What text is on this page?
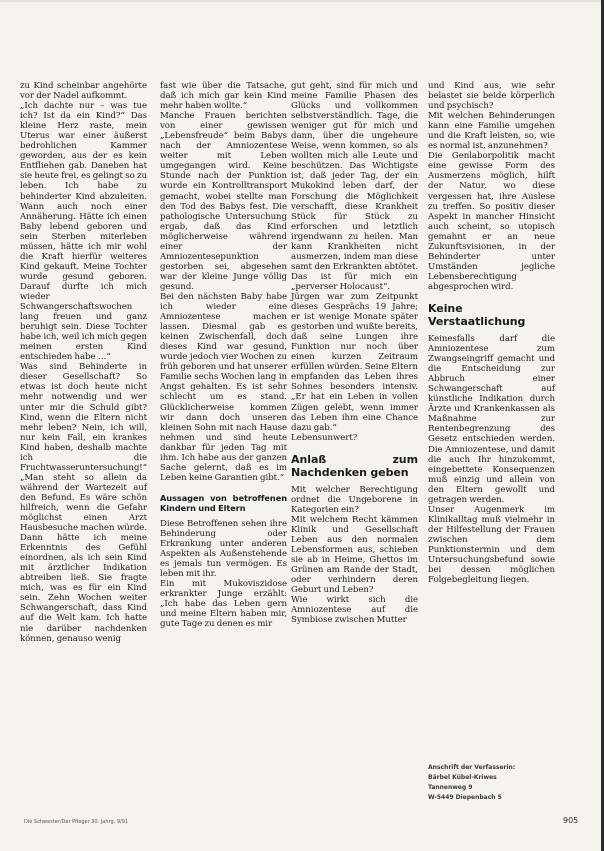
zu Kind scheinbar angehörte vor der Nadel aufkommt.

„Ich dachte nur – was tue ich? Ist da ein Kind?“ Das kleine Herz raste, mein Uterus war einer äußerst bedrohlichen Kammer geworden, aus der es kein Entfliehen gab. Daneben hat sie heute frei, es gelingt so zu leben. Ich habe zu behinderter Kind abzuleiten. Wann auch noch einer Annäherung. Hätte ich einen Baby lebend geboren und sein Sterben miterleben müssen, hätte ich mir wohl die Kraft hierfür weiteres Kind gekauft. Meine Tochter wurde gesund geboren. Darauf durfte ich mich wieder Schwangerschaftswochen lang freuen und ganz beruhigt sein. Diese Tochter habe ich, weil ich mich gegen meinen ersten Kind entschieden habe …“

Was sind Behinderte in dieser Gesellschaft? So etwas ist doch heute nicht mehr notwendig und wer unter mir die Schuld gibt? Kind, wenn die Eltern nicht mehr leben? Nein, ich will, nur kein Fall, ein krankes Kind haben, deshalb machte ich die Fruchtwasseruntersuchung!“

„Man steht so allein da während der Wartezeit auf den Befund. Es wäre schön hilfreich, wenn die Gefahr möglichst einen Arzt Hausbesuche machen würde. Dann hätte ich meine Erkenntnis des Gefühl einordnen, als ich sein Kind mit ärztlicher Indikation abtreiben ließ. Sie fragte mich, was es für ein Kind sein. Zehn Wochen weiter Schwangerschaft, dass Kind auf die Welt kam. Ich hatte nie darüber nachdenken können, genauso wenig

fast wie über die Tatsache, daß ich mich gar kein Kind mehr haben wollte.“

Manche Frauen berichten von einer gewissen „Lebensfreude“ beim Babys nach der Amniozentese weiter mit Leben umgegangen wird. Keine Stunde nach der Punktion wurde ein Kontrolltransport gemacht, wobei stellte man den Tod des Babys fest. Die pathologische Untersuchung ergab, daß das Kind möglicherweise während einer der Amniozentesepunktion gestorben sei, abgesehen war der kleine Junge völlig gesund.

Bei den nächsten Baby habe ich wieder eine Amniozentese machen lassen. Diesmal gab es keinen Zwischenfall, doch dieses Kind war gesund, wurde jedoch vier Wochen zu früh geboren und hat unserer Familie sechs Wochen lang in Angst gehalten. Es ist sehr schlecht um es stand. Glücklicherweise kommen wir dann doch unseren kleinen Sohn mit nach Hause nehmen und sind heute dankbar für jeden Tag mit ihm. Ich habe aus der ganzen Sache gelernt, daß es im Leben keine Garantien gibt.“

Aussagen von betroffenen Kindern und Eltern

Diese Betroffenen sehen ihre Behinderung oder Erkrankung unter anderen Aspekten als Außenstehende es jemals tun vermögen. Es leben mit ihr.

Ein mit Mukoviszidose erkrankter Junge erzählt: „Ich habe das Leben gern und meine Eltern haben mir, gute Tage zu denen es mir

gut geht, sind für mich und meine Familie Phasen des Glücks und vollkommen selbstverständlich. Tage, die weniger gut für mich und dann, über die ungeheure Weise, wenn kommen, so als wollten mich alle Leute und beschützen. Das Wichtigste ist, daß jeder Tag, der ein Mukokind leben darf, der Forschung die Möglichkeit verschafft, diese Krankheit Stück für Stück zu erforschen und letztlich irgendwann zu heilen. Man kann Krankheiten nicht ausmerzen, indem man diese samt den Erkrankten abtötet. Das ist für mich ein „perverser Holocaust“.

Jürgen war zum Zeitpunkt dieses Gesprächs 19 Jahre; er ist wenige Monate später gestorben und wußte bereits, daß seine Lungen ihre Funktion nur noch über einen kurzen Zeitraum erfüllen würden. Seine Eltern empfanden das Leben ihres Sohnes besonders intensiv. „Er hat ein Leben in vollen Zügen gelebt, wenn immer das Leben ihm eine Chance dazu gab.“

Lebensunwert?

Anlaß zum Nachdenken geben

Mit welcher Berechtigung ordnet die Ungeborene in Kategorien ein?

Mit welchem Recht kämmen Klinik und Gesellschaft Leben aus den normalen Lebensformen aus, schieben sie ab in Heime, Ghettos im Grünen am Rande der Stadt, oder verhindern deren Geburt und Leben?

Wie wirkt sich die Amniozentese auf die Symbiose zwischen Mutter

und Kind aus, wie sehr belastet sie beide körperlich und psychisch?

Mit welchen Behinderungen kann eine Familie umgehen und die Kraft leisten, so, wie es normal ist, anzunehmen?

Die Genlaborpolitik macht eine gewisse Form des Ausmerzens möglich, hilft der Natur, wo diese vergessen hat, ihre Auslese zu treffen. So positiv dieser Aspekt in mancher Hinsicht auch scheint, so utopisch gemahnt er an neue Zukunftsvisionen, in der Behinderter unter Umständen jegliche Lebensberechtigung abgesprochen wird.

Keine Verstaatlichung

Keinesfalls darf die Amniozentese zum Zwangseingriff gemacht und die Entscheidung zur Abbruch einer Schwangerschaft auf künstliche Indikation durch Ärzte und Krankenkassen als Maßnahme zur Rentenbegrenzung des Gesetz entschieden werden. Die Amniozentese, und damit die auch Ihr hinzukommt, eingebettete Konsequenzen muß einzig und allein von den Eltern gewollt und getragen werden.

Unser Augenmerk im Klinikalltag muß vielmehr in der Hilfestellung der Frauen zwischen dem Punktionstermin und dem Untersuchungsbefund sowie bei dessen möglichen Folgebegleitung liegen.

Anschrift der Verfasserin:
Bärbel Kübel-Kriwes
Tannenweg 9
W-5449 Diepenbach 5
Die Schwester/Der Pfleger 30. Jahrg. 9/91	905
